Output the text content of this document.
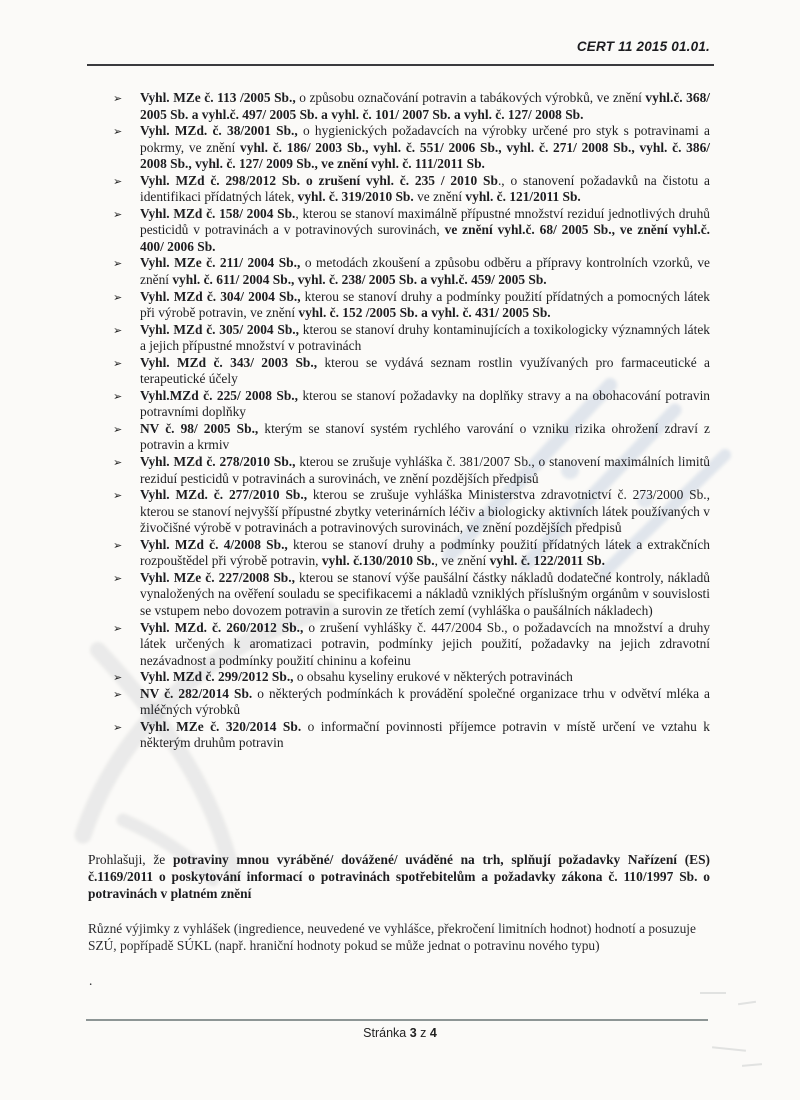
CERT 11 2015 01.01.
➢ Vyhl. MZe č. 113 /2005 Sb., o způsobu označování potravin a tabákových výrobků, ve znění vyhl.č. 368/ 2005 Sb. a vyhl.č. 497/ 2005 Sb. a vyhl. č. 101/ 2007 Sb. a vyhl. č. 127/ 2008 Sb.
➢ Vyhl. MZd. č. 38/2001 Sb., o hygienických požadavcích na výrobky určené pro styk s potravinami a pokrmy, ve znění vyhl. č. 186/ 2003 Sb., vyhl. č. 551/ 2006 Sb., vyhl. č. 271/ 2008 Sb., vyhl. č. 386/ 2008 Sb., vyhl. č. 127/ 2009 Sb., ve znění vyhl. č. 111/2011 Sb.
➢ Vyhl. MZd č. 298/2012 Sb. o zrušení vyhl. č. 235 / 2010 Sb., o stanovení požadavků na čistotu a identifikaci přídatných látek, vyhl. č. 319/2010 Sb. ve znění vyhl. č. 121/2011 Sb.
➢ Vyhl. MZd č. 158/ 2004 Sb., kterou se stanoví maximálně přípustné množství reziduí jednotlivých druhů pesticidů v potravinách a v potravinových surovinách, ve znění vyhl.č. 68/ 2005 Sb., ve znění vyhl.č. 400/ 2006 Sb.
➢ Vyhl. MZe č. 211/ 2004 Sb., o metodách zkoušení a způsobu odběru a přípravy kontrolních vzorků, ve znění vyhl. č. 611/ 2004 Sb., vyhl. č. 238/ 2005 Sb. a vyhl.č. 459/ 2005 Sb.
➢ Vyhl. MZd č. 304/ 2004 Sb., kterou se stanoví druhy a podmínky použití přídatných a pomocných látek při výrobě potravin, ve znění vyhl. č. 152 /2005 Sb. a vyhl. č. 431/ 2005 Sb.
➢ Vyhl. MZd č. 305/ 2004 Sb., kterou se stanoví druhy kontaminujících a toxikologicky významných látek a jejich přípustné množství v potravinách
➢ Vyhl. MZd č. 343/ 2003 Sb., kterou se vydává seznam rostlin využívaných pro farmaceutické a terapeutické účely
➢ Vyhl.MZd č. 225/ 2008 Sb., kterou se stanoví požadavky na doplňky stravy a na obohacování potravin potravními doplňky
➢ NV č. 98/ 2005 Sb., kterým se stanoví systém rychlého varování o vzniku rizika ohrožení zdraví z potravin a krmiv
➢ Vyhl. MZd č. 278/2010 Sb., kterou se zrušuje vyhláška č. 381/2007 Sb., o stanovení maximálních limitů reziduí pesticidů v potravinách a surovinách, ve znění pozdějších předpisů
➢ Vyhl. MZd. č. 277/2010 Sb., kterou se zrušuje vyhláška Ministerstva zdravotnictví č. 273/2000 Sb., kterou se stanoví nejvyšší přípustné zbytky veterinárních léčiv a biologicky aktivních látek používaných v živočišné výrobě v potravinách a potravinových surovinách, ve znění pozdějších předpisů
➢ Vyhl. MZd č. 4/2008 Sb., kterou se stanoví druhy a podmínky použití přídatných látek a extrakčních rozpouštědel při výrobě potravin, vyhl. č.130/2010 Sb., ve znění vyhl. č. 122/2011 Sb.
➢ Vyhl. MZe č. 227/2008 Sb., kterou se stanoví výše paušální částky nákladů dodatečné kontroly, nákladů vynaložených na ověření souladu se specifikacemi a nákladů vzniklých příslušným orgánům v souvislosti se vstupem nebo dovozem potravin a surovin ze třetích zemí (vyhláška o paušálních nákladech)
➢ Vyhl. MZd. č. 260/2012 Sb., o zrušení vyhlášky č. 447/2004 Sb., o požadavcích na množství a druhy látek určených k aromatizaci potravin, podmínky jejich použití, požadavky na jejich zdravotní nezávadnost a podmínky použití chininu a kofeinu
➢ Vyhl. MZd č. 299/2012 Sb., o obsahu kyseliny erukové v některých potravinách
➢ NV č. 282/2014 Sb. o některých podmínkách k provádění společné organizace trhu v odvětví mléka a mléčných výrobků
➢ Vyhl. MZe č. 320/2014 Sb. o informační povinnosti příjemce potravin v místě určení ve vztahu k některým druhům potravin

Prohlašuji, že potraviny mnou vyráběné/ dovážené/ uváděné na trh, splňují požadavky Nařízení (ES) č.1169/2011 o poskytování informací o potravinách spotřebitelům a požadavky zákona č. 110/1997 Sb. o potravinách v platném znění

Různé výjimky z vyhlášek (ingredience, neuvedené ve vyhlášce, překročení limitních hodnot) hodnotí a posuzuje SZÚ, popřípadě SÚKL (např. hraniční hodnoty pokud se může jednat o potravinu nového typu)

.
Stránka 3 z 4
